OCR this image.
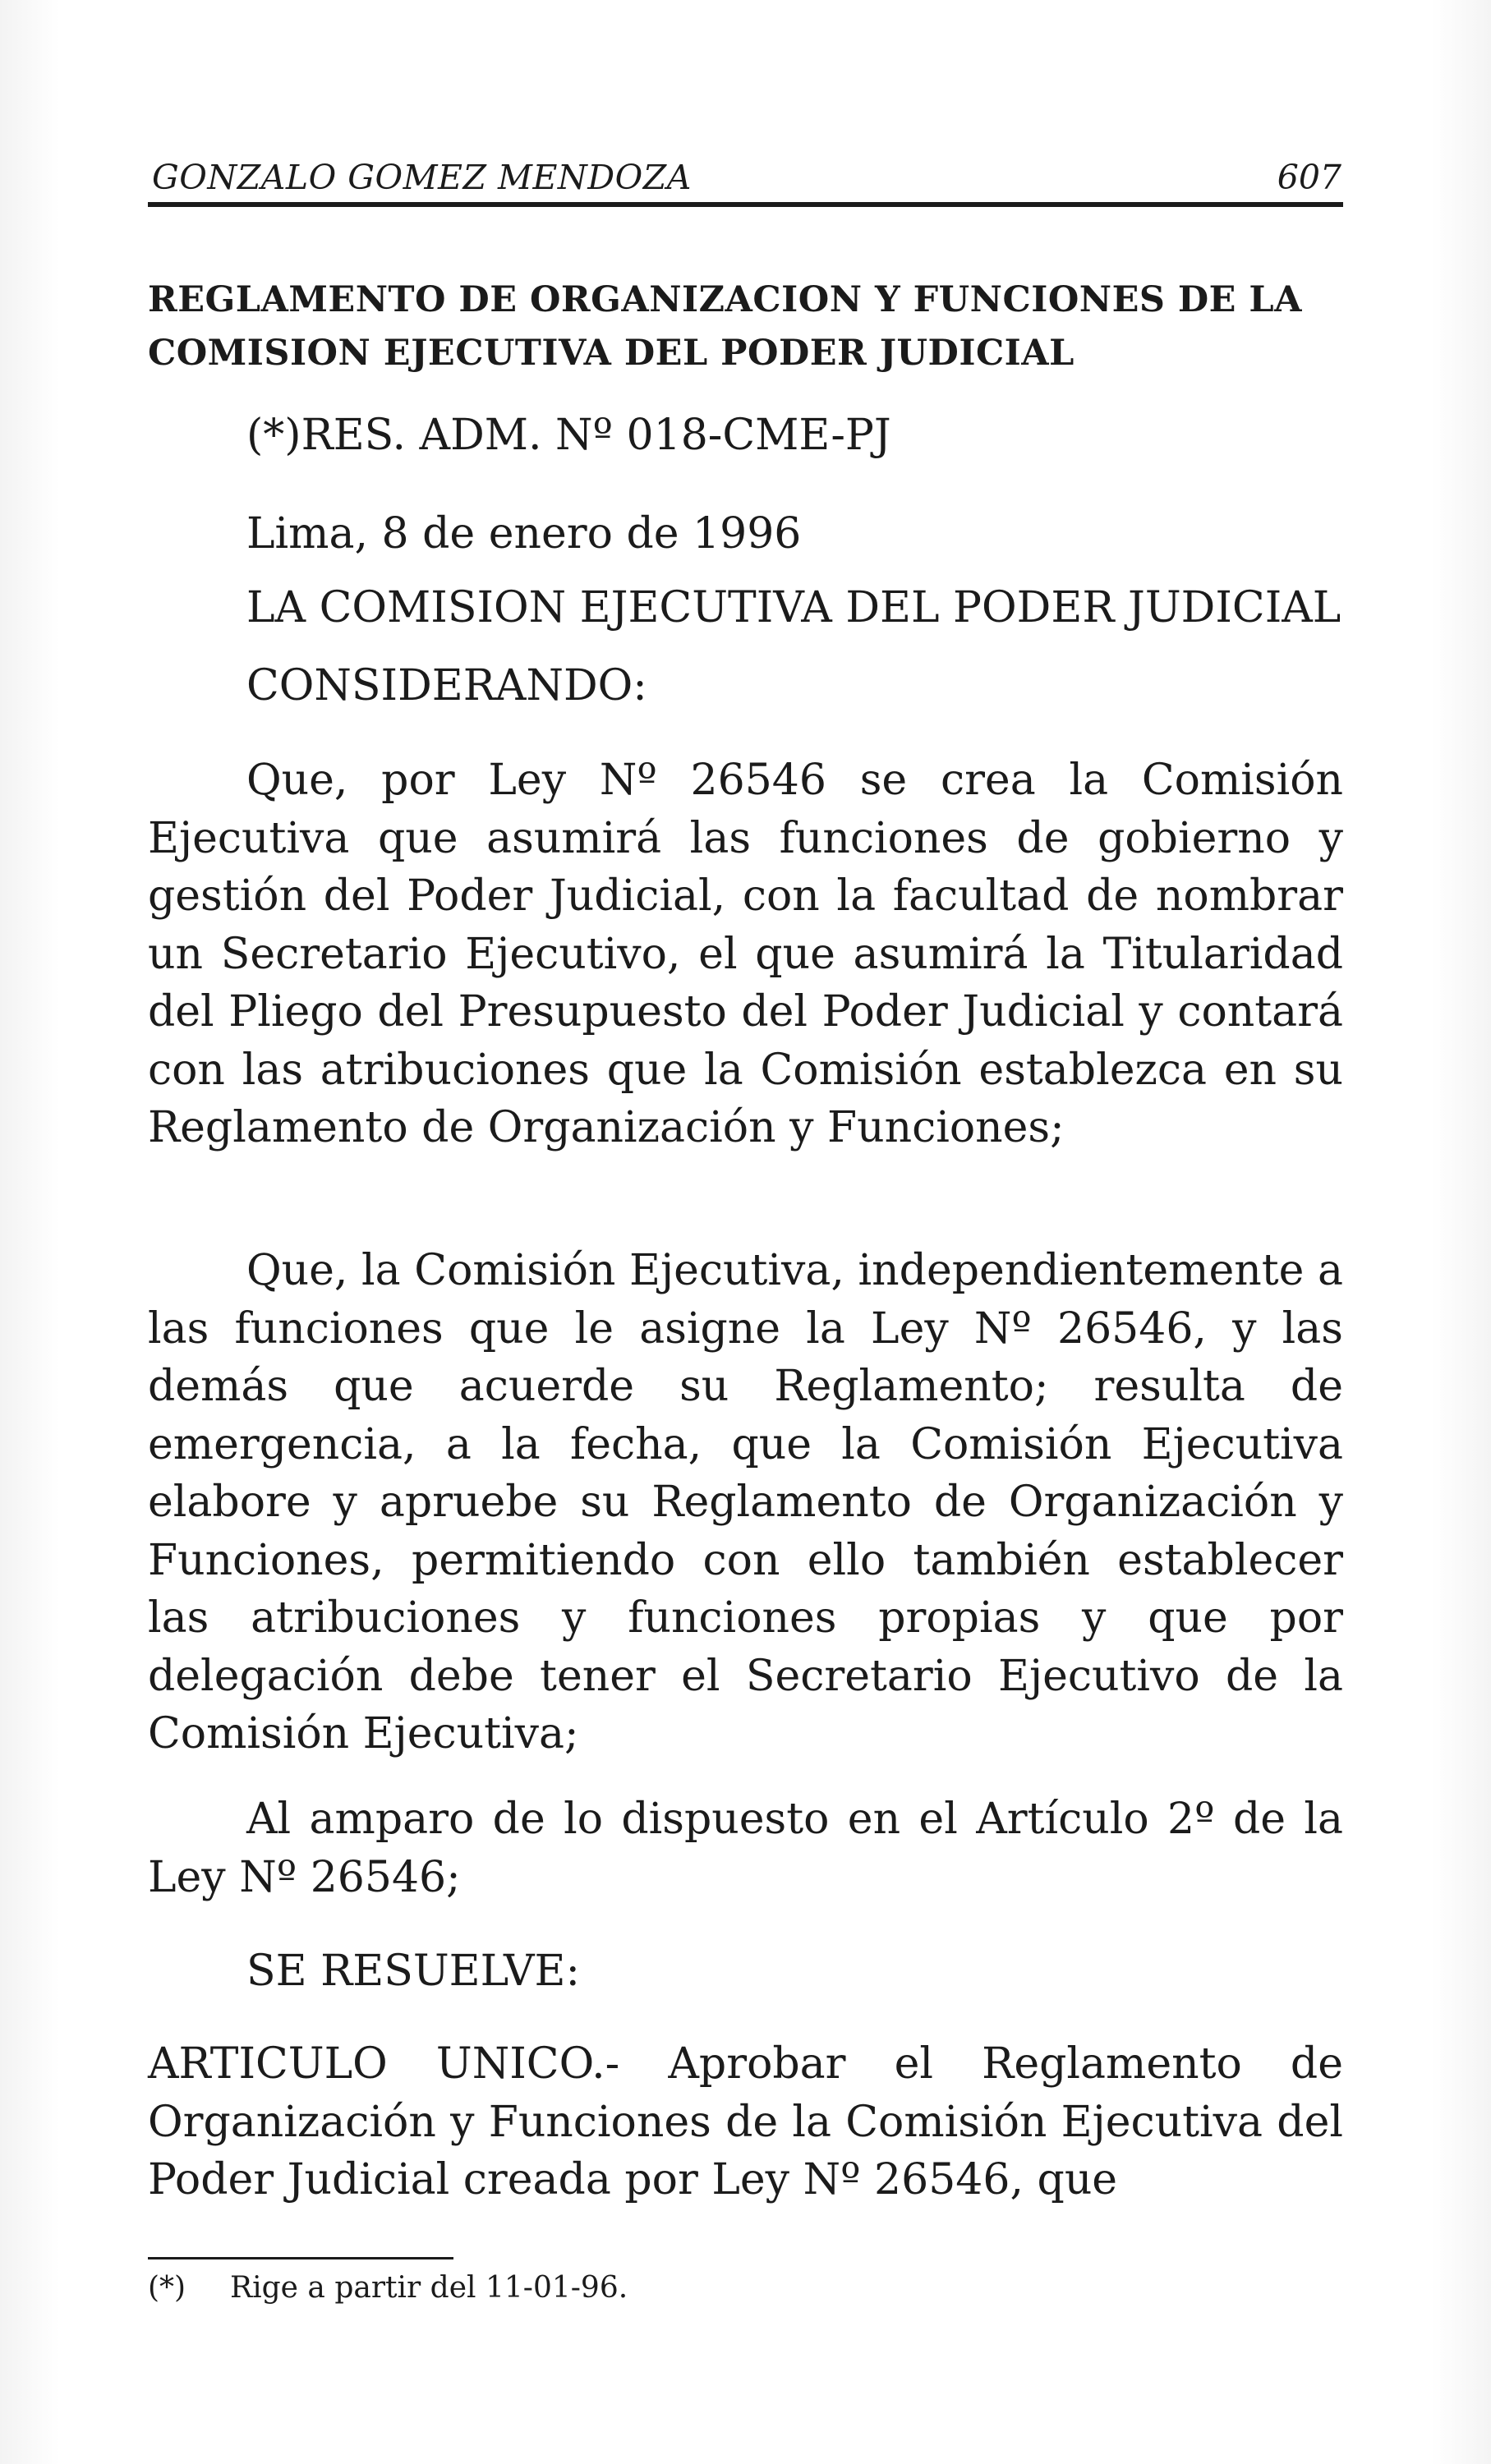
GONZALO GOMEZ MENDOZA	607
REGLAMENTO DE ORGANIZACION Y FUNCIONES DE LA COMISION EJECUTIVA DEL PODER JUDICIAL

(*)RES. ADM. Nº 018-CME-PJ

Lima, 8 de enero de 1996

LA COMISION EJECUTIVA DEL PODER JUDICIAL

CONSIDERANDO:

Que, por Ley Nº 26546 se crea la Comisión Ejecutiva que asumirá las funciones de gobierno y gestión del Poder Judicial, con la facultad de nombrar un Secretario Ejecutivo, el que asumirá la Titularidad del Pliego del Presupuesto del Poder Judicial y contará con las atribuciones que la Comisión establezca en su Reglamento de Organización y Funciones;

Que, la Comisión Ejecutiva, independientemente a las funciones que le asigne la Ley Nº 26546, y las demás que acuerde su Reglamento; resulta de emergencia, a la fecha, que la Comisión Ejecutiva elabore y apruebe su Reglamento de Organización y Funciones, permitiendo con ello también establecer las atribuciones y funciones propias y que por delegación debe tener el Secretario Ejecutivo de la Comisión Ejecutiva;

Al amparo de lo dispuesto en el Artículo 2º de la Ley Nº 26546;

SE RESUELVE:

ARTICULO UNICO.- Aprobar el Reglamento de Organización y Funciones de la Comisión Ejecutiva del Poder Judicial creada por Ley Nº 26546, que

(*) Rige a partir del 11-01-96.
